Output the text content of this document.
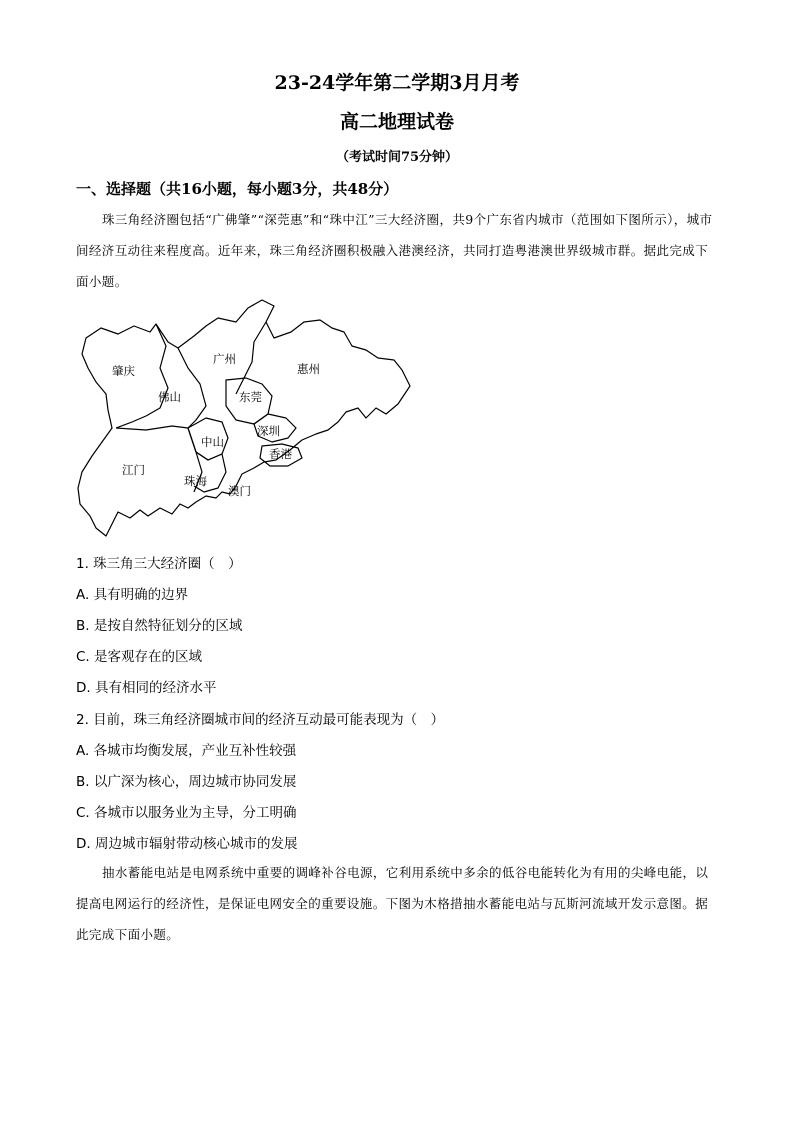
23-24学年第二学期3月月考
高二地理试卷
（考试时间75分钟）
一、选择题（共16小题，每小题3分，共48分）
珠三角经济圈包括“广佛肇”“深莞惠”和“珠中江”三大经济圈，共9个广东省内城市（范围如下图所示），城市间经济互动往来程度高。近年来，珠三角经济圈积极融入港澳经济，共同打造粤港澳世界级城市群。据此完成下面小题。
肇庆
佛山
广州
惠州
东莞
深圳
中山
江门
珠海
香港
澳门
1. 珠三角三大经济圈（　）
A. 具有明确的边界
B. 是按自然特征划分的区域
C. 是客观存在的区域
D. 具有相同的经济水平
2. 目前，珠三角经济圈城市间的经济互动最可能表现为（　）
A. 各城市均衡发展，产业互补性较强
B. 以广深为核心，周边城市协同发展
C. 各城市以服务业为主导，分工明确
D. 周边城市辐射带动核心城市的发展
抽水蓄能电站是电网系统中重要的调峰补谷电源，它利用系统中多余的低谷电能转化为有用的尖峰电能，以提高电网运行的经济性，是保证电网安全的重要设施。下图为木格措抽水蓄能电站与瓦斯河流域开发示意图。据此完成下面小题。
